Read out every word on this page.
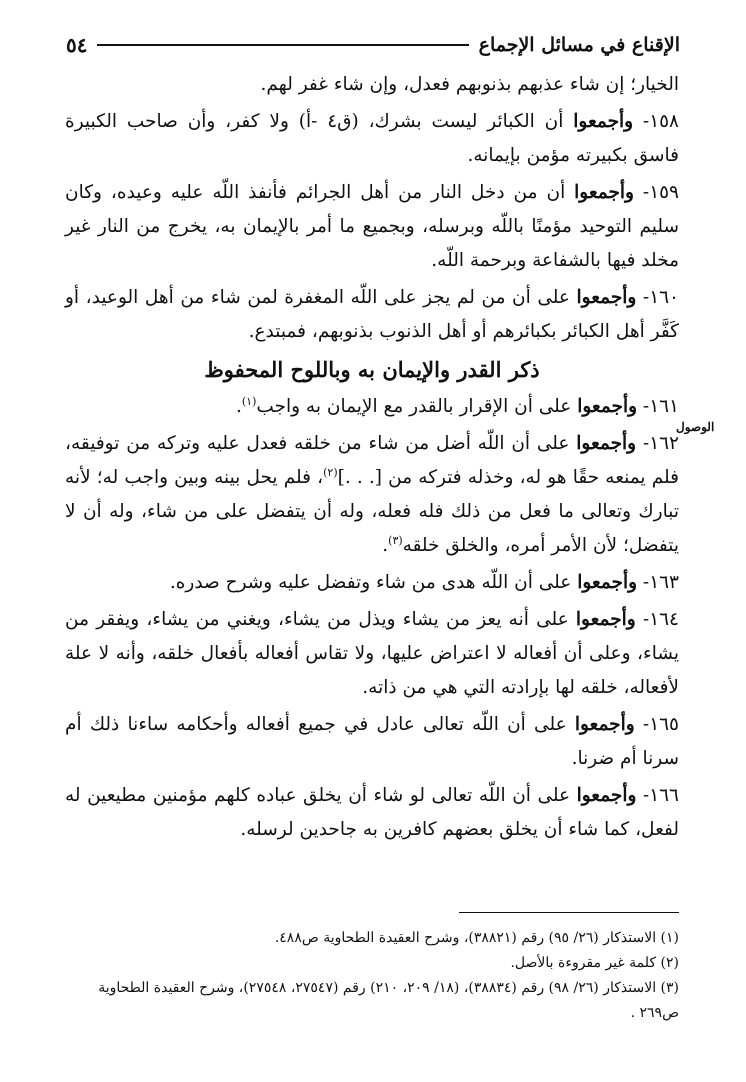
الإقناع في مسائل الإجماع
٥٤
الوصول

الخيار؛ إن شاء عذبهم بذنوبهم فعدل، وإن شاء غفر لهم.

١٥٨- وأجمعوا أن الكبائر ليست بشرك، (ق٤ -أ) ولا كفر، وأن صاحب الكبيرة فاسق بكبيرته مؤمن بإيمانه.

١٥٩- وأجمعوا أن من دخل النار من أهل الجرائم فأنفذ اللّه عليه وعيده، وكان سليم التوحيد مؤمنًا باللّه وبرسله، وبجميع ما أمر بالإيمان به، يخرج من النار غير مخلد فيها بالشفاعة وبرحمة اللّه.

١٦٠- وأجمعوا على أن من لم يجز على اللّه المغفرة لمن شاء من أهل الوعيد، أو كَفَّر أهل الكبائر بكبائرهم أو أهل الذنوب بذنوبهم، فمبتدع.

ذكر القدر والإيمان به وباللوح المحفوظ

١٦١- وأجمعوا على أن الإقرار بالقدر مع الإيمان به واجب$^{(١)}$.

١٦٢- وأجمعوا على أن اللّه أضل من شاء من خلقه فعدل عليه وتركه من توفيقه، فلم يمنعه حقًا هو له، وخذله فتركه من [. . .]$^{(٢)}$، فلم يحل بينه وبين واجب له؛ لأنه تبارك وتعالى ما فعل من ذلك فله فعله، وله أن يتفضل على من شاء، وله أن لا يتفضل؛ لأن الأمر أمره، والخلق خلقه$^{(٣)}$.

١٦٣- وأجمعوا على أن اللّه هدى من شاء وتفضل عليه وشرح صدره.

١٦٤- وأجمعوا على أنه يعز من يشاء ويذل من يشاء، ويغني من يشاء، ويفقر من يشاء، وعلى أن أفعاله لا اعتراض عليها، ولا تقاس أفعاله بأفعال خلقه، وأنه لا علة لأفعاله، خلقه لها بإرادته التي هي من ذاته.

١٦٥- وأجمعوا على أن اللّه تعالى عادل في جميع أفعاله وأحكامه ساءنا ذلك أم سرنا أم ضرنا.

١٦٦- وأجمعوا على أن اللّه تعالى لو شاء أن يخلق عباده كلهم مؤمنين مطيعين له لفعل، كما شاء أن يخلق بعضهم كافرين به جاحدين لرسله.

(١) الاستذكار (٢٦/ ٩٥) رقم (٣٨٨٢١)، وشرح العقيدة الطحاوية ص٤٨٨.
(٢) كلمة غير مقروءة بالأصل.
(٣) الاستذكار (٢٦/ ٩٨) رقم (٣٨٨٣٤)، (١٨/ ٢٠٩، ٢١٠) رقم (٢٧٥٤٧، ٢٧٥٤٨)، وشرح العقيدة الطحاوية ص٢٦٩ .
